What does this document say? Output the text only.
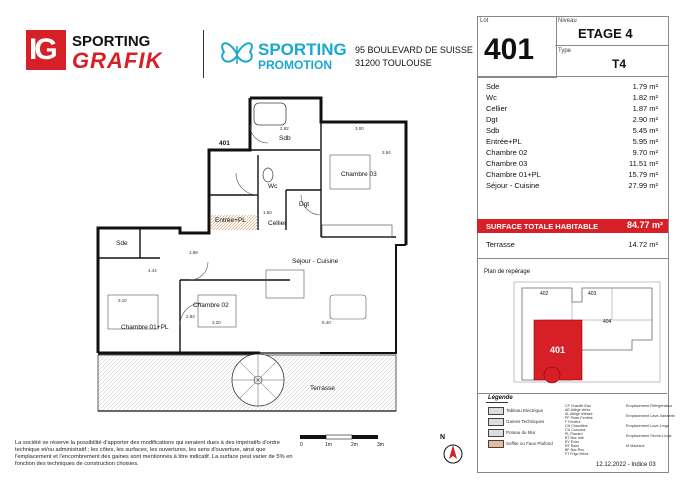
IG SPORTING
GRAFIK	SPORTING
PROMOTION
95 BOULEVARD DE SUISSE
31200 TOULOUSE
Lot
401
Niveau
ETAGE 4
Type
T4
Sde	1.79 m²
Wc	1.82 m²
Cellier	1.87 m²
Dgt	2.90 m²
Sdb	5.45 m²
Entrée+PL	5.95 m²
Chambre 02	9.70 m²
Chambre 03	11.51 m²
Chambre 01+PL	15.79 m²
Séjour - Cuisine	27.99 m²
SURFACE TOTALE HABITABLE	84.77 m²
Terrasse	14.72 m²
Plan de repérage
402	403
404
401
Légende
Tableau Electrique
Gaines Techniques
Poteau du Mur
Soffite ou Faux Plafond
CF Chauffe-Eau
AE Allège vitrée
AL Allège linéaire
PF Porte-Fenêtre
F Fenêtre
CH Chaudière
CU Cumulus
PL Placard
BT Bac Inté
EV Évier
RF Rack
BF Bac Rec
FT Frigo Méca
Emplacement Réfrigérateur
Emplacement Lave-Vaisselle
Emplacement Lave-Linge
Emplacement Sèche-Linge
M Machine
Sdb
Wc
Dgt
Cellier
Entrée+PL
Chambre 03
Sde
Séjour - Cuisine
Chambre 02
Chambre 01+PL
Terrasse
401
2.82	3.00
3.84
4.44
3.10
2.84
3.20	5.40
1.50
1.88
0	1m	2m	3m
N
La société se réserve la possibilité d'apporter des modifications qui seraient dues à des impératifs d'ordre technique et/ou administratif ; les côtes, les surfaces, les ouvertures, les sens d'ouverture, ainsi que l'emplacement et l'encombrement des gaines sont mentionnés à titre indicatif. La surface peut varier de 5% en fonction des techniques de construction choisies.	12.12.2022 - Indice 03
